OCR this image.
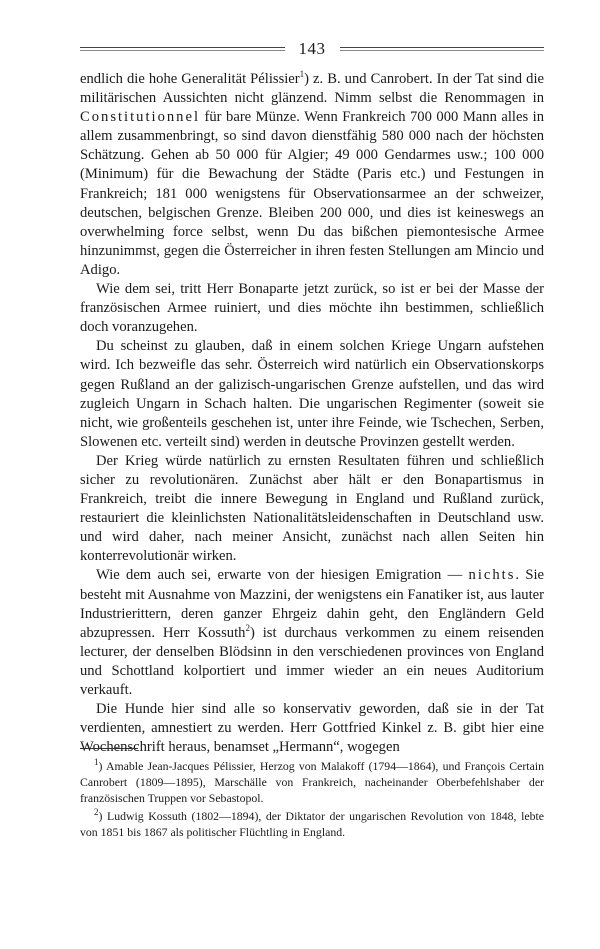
143

endlich die hohe Generalität Pélissier$^1$) z. B. und Canrobert. In der Tat sind die militärischen Aussichten nicht glänzend. Nimm selbst die Renommagen in Constitutionnel für bare Münze. Wenn Frankreich 700 000 Mann alles in allem zusammenbringt, so sind davon dienstfähig 580 000 nach der höchsten Schätzung. Gehen ab 50 000 für Algier; 49 000 Gendarmes usw.; 100 000 (Minimum) für die Bewachung der Städte (Paris etc.) und Festungen in Frankreich; 181 000 wenigstens für Observationsarmee an der schweizer, deutschen, belgischen Grenze. Bleiben 200 000, und dies ist keineswegs an overwhelming force selbst, wenn Du das bißchen piemontesische Armee hinzunimmst, gegen die Österreicher in ihren festen Stellungen am Mincio und Adigo.

Wie dem sei, tritt Herr Bonaparte jetzt zurück, so ist er bei der Masse der französischen Armee ruiniert, und dies möchte ihn bestimmen, schließlich doch voranzugehen.

Du scheinst zu glauben, daß in einem solchen Kriege Ungarn aufstehen wird. Ich bezweifle das sehr. Österreich wird natürlich ein Observationskorps gegen Rußland an der galizisch-ungarischen Grenze aufstellen, und das wird zugleich Ungarn in Schach halten. Die ungarischen Regimenter (soweit sie nicht, wie großenteils geschehen ist, unter ihre Feinde, wie Tschechen, Serben, Slowenen etc. verteilt sind) werden in deutsche Provinzen gestellt werden.

Der Krieg würde natürlich zu ernsten Resultaten führen und schließlich sicher zu revolutionären. Zunächst aber hält er den Bonapartismus in Frankreich, treibt die innere Bewegung in England und Rußland zurück, restauriert die kleinlichsten Nationalitätsleidenschaften in Deutschland usw. und wird daher, nach meiner Ansicht, zunächst nach allen Seiten hin konterrevolutionär wirken.

Wie dem auch sei, erwarte von der hiesigen Emigration — nichts. Sie besteht mit Ausnahme von Mazzini, der wenigstens ein Fanatiker ist, aus lauter Industrierittern, deren ganzer Ehrgeiz dahin geht, den Engländern Geld abzupressen. Herr Kossuth$^2$) ist durchaus verkommen zu einem reisenden lecturer, der denselben Blödsinn in den verschiedenen provinces von England und Schottland kolportiert und immer wieder an ein neues Auditorium verkauft.

Die Hunde hier sind alle so konservativ geworden, daß sie in der Tat verdienten, amnestiert zu werden. Herr Gottfried Kinkel z. B. gibt hier eine Wochenschrift heraus, benamset „Hermann“, wogegen

$^1$) Amable Jean-Jacques Pélissier, Herzog von Malakoff (1794—1864), und François Certain Canrobert (1809—1895), Marschälle von Frankreich, nacheinander Oberbefehlshaber der französischen Truppen vor Sebastopol.

$^2$) Ludwig Kossuth (1802—1894), der Diktator der ungarischen Revolution von 1848, lebte von 1851 bis 1867 als politischer Flüchtling in England.
